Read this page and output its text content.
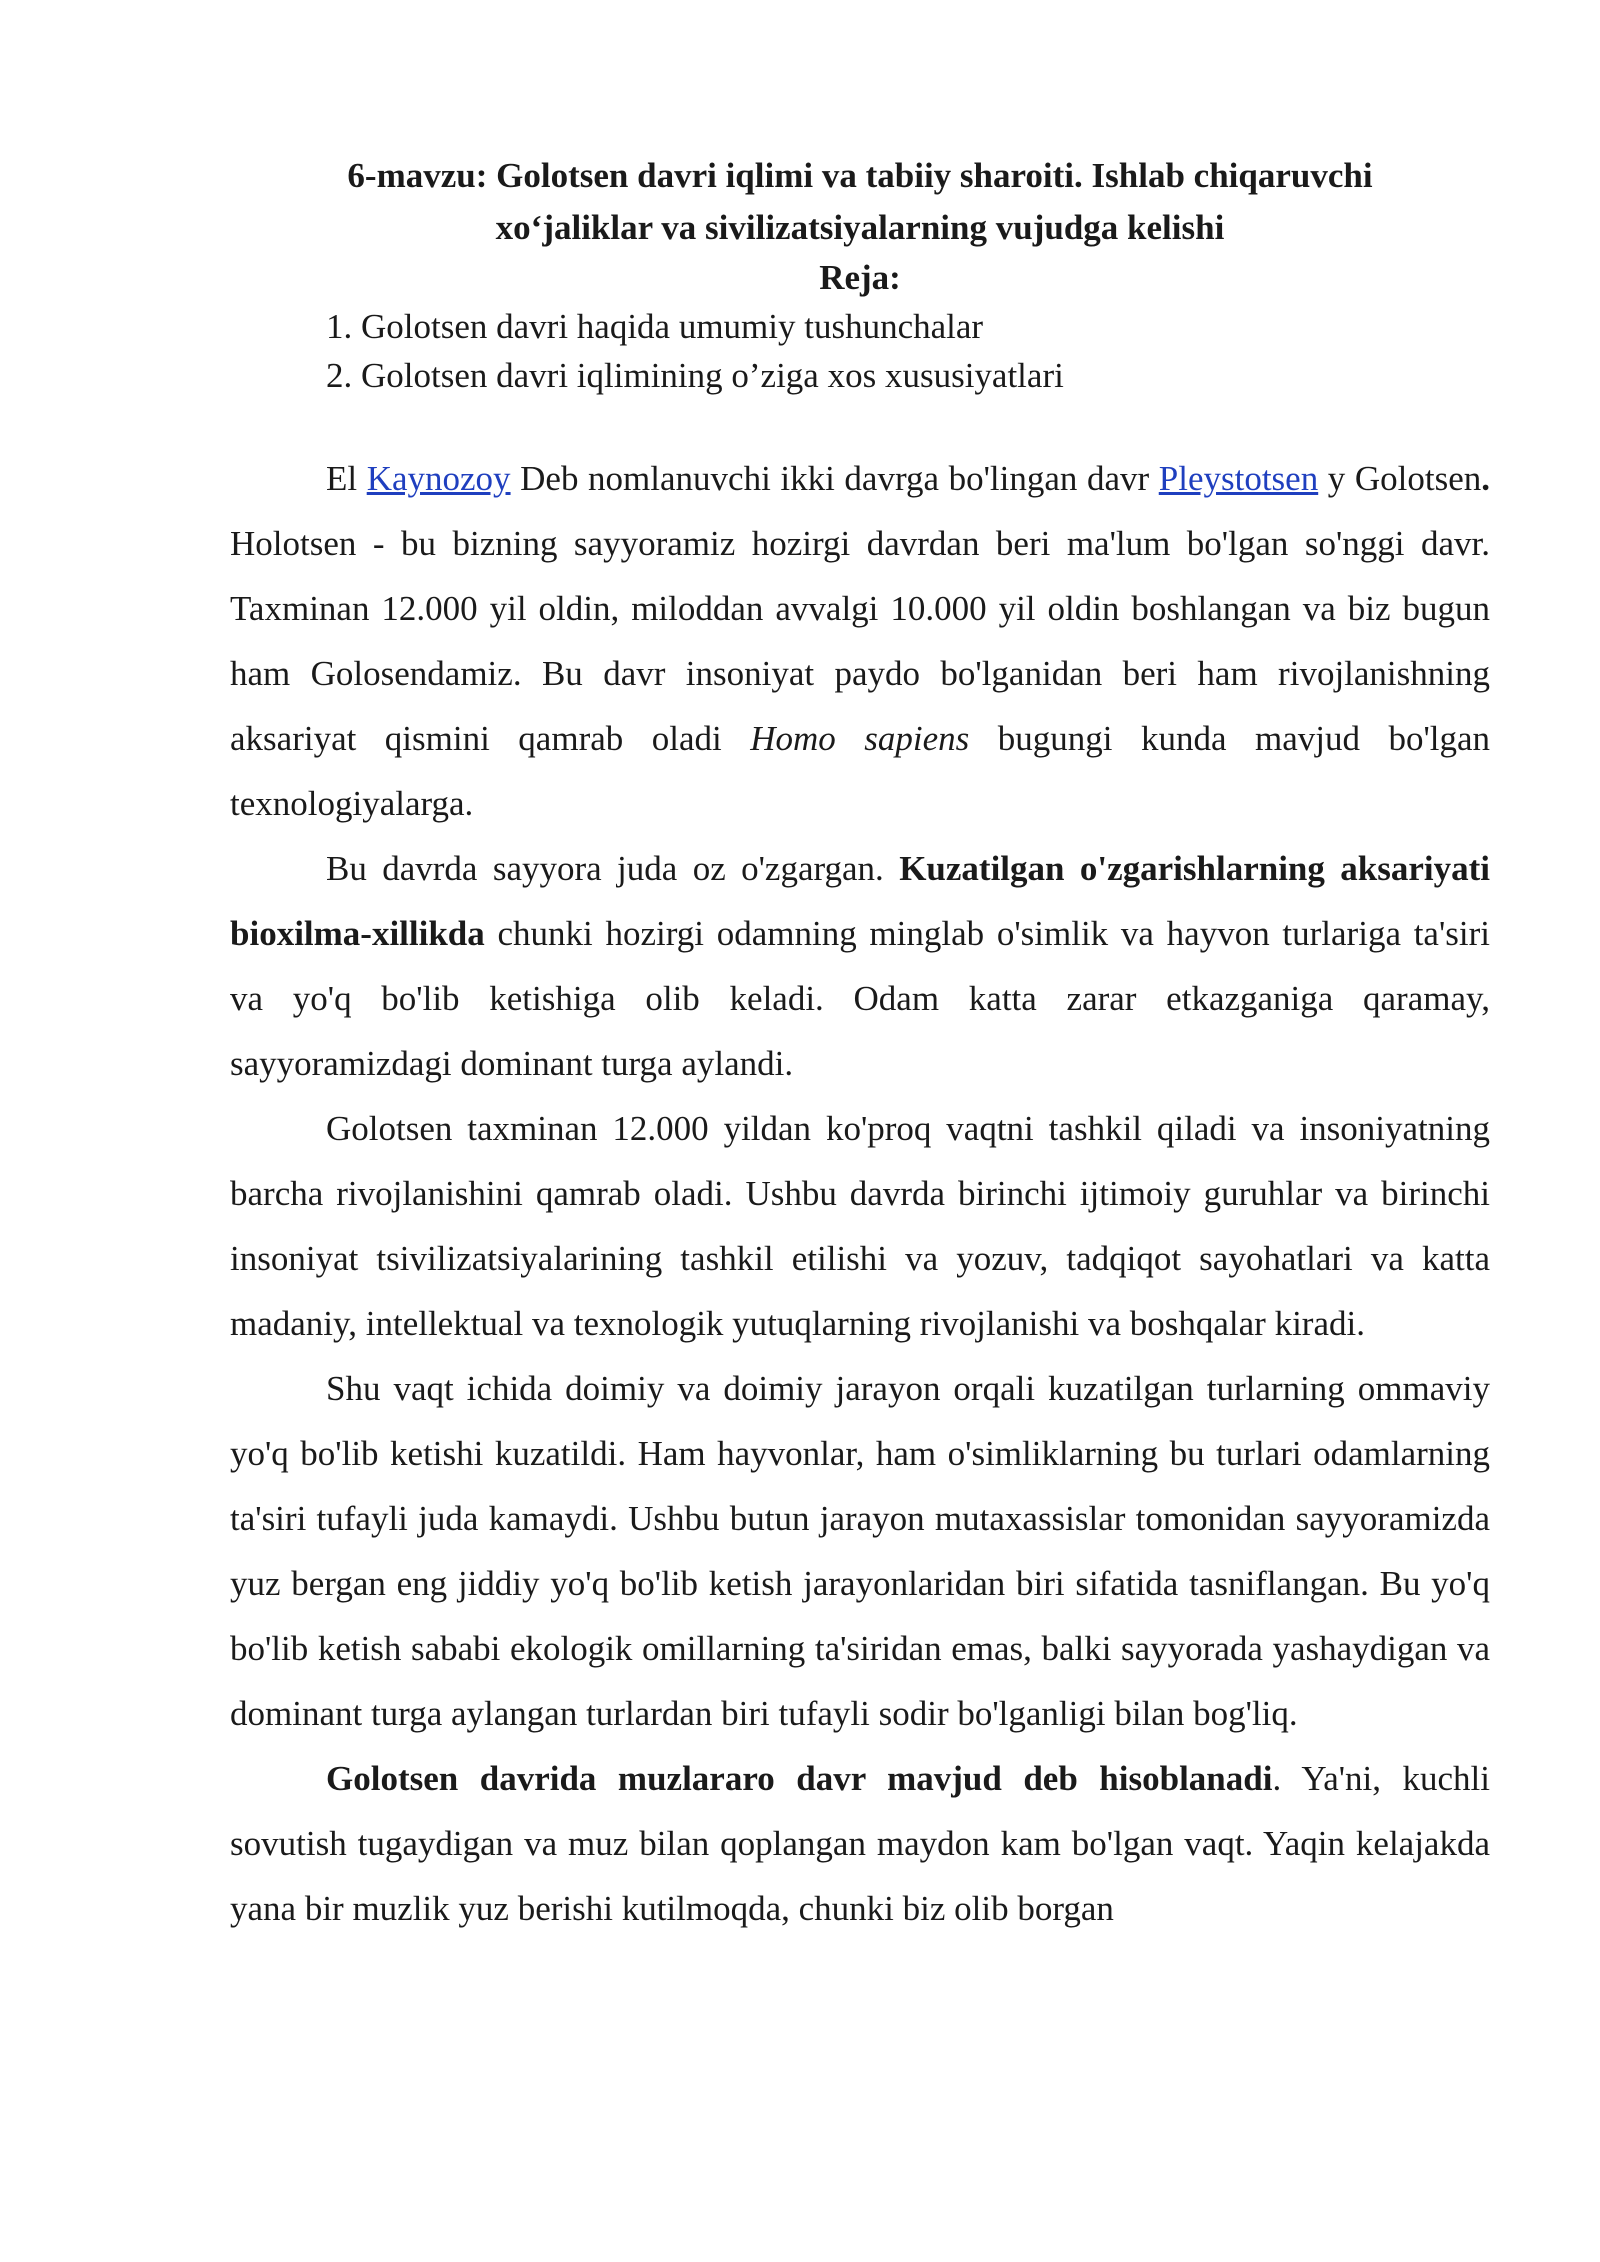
6-mavzu: Golotsen davri iqlimi va tabiiy sharoiti. Ishlab chiqaruvchi xo‘jaliklar va sivilizatsiyalarning vujudga kelishi

Reja:

1. Golotsen davri haqida umumiy tushunchalar
2. Golotsen davri iqlimining o’ziga xos xususiyatlari

El Kaynozoy Deb nomlanuvchi ikki davrga bo'lingan davr Pleystotsen y Golotsen. Holotsen - bu bizning sayyoramiz hozirgi davrdan beri ma'lum bo'lgan so'nggi davr. Taxminan 12.000 yil oldin, miloddan avvalgi 10.000 yil oldin boshlangan va biz bugun ham Golosendamiz. Bu davr insoniyat paydo bo'lganidan beri ham rivojlanishning aksariyat qismini qamrab oladi Homo sapiens bugungi kunda mavjud bo'lgan texnologiyalarga.

Bu davrda sayyora juda oz o'zgargan. Kuzatilgan o'zgarishlarning aksariyati bioxilma-xillikda chunki hozirgi odamning minglab o'simlik va hayvon turlariga ta'siri va yo'q bo'lib ketishiga olib keladi. Odam katta zarar etkazganiga qaramay, sayyoramizdagi dominant turga aylandi.

Golotsen taxminan 12.000 yildan ko'proq vaqtni tashkil qiladi va insoniyatning barcha rivojlanishini qamrab oladi. Ushbu davrda birinchi ijtimoiy guruhlar va birinchi insoniyat tsivilizatsiyalarining tashkil etilishi va yozuv, tadqiqot sayohatlari va katta madaniy, intellektual va texnologik yutuqlarning rivojlanishi va boshqalar kiradi.

Shu vaqt ichida doimiy va doimiy jarayon orqali kuzatilgan turlarning ommaviy yo'q bo'lib ketishi kuzatildi. Ham hayvonlar, ham o'simliklarning bu turlari odamlarning ta'siri tufayli juda kamaydi. Ushbu butun jarayon mutaxassislar tomonidan sayyoramizda yuz bergan eng jiddiy yo'q bo'lib ketish jarayonlaridan biri sifatida tasniflangan. Bu yo'q bo'lib ketish sababi ekologik omillarning ta'siridan emas, balki sayyorada yashaydigan va dominant turga aylangan turlardan biri tufayli sodir bo'lganligi bilan bog'liq.

Golotsen davrida muzlararo davr mavjud deb hisoblanadi. Ya'ni, kuchli sovutish tugaydigan va muz bilan qoplangan maydon kam bo'lgan vaqt. Yaqin kelajakda yana bir muzlik yuz berishi kutilmoqda, chunki biz olib borgan
